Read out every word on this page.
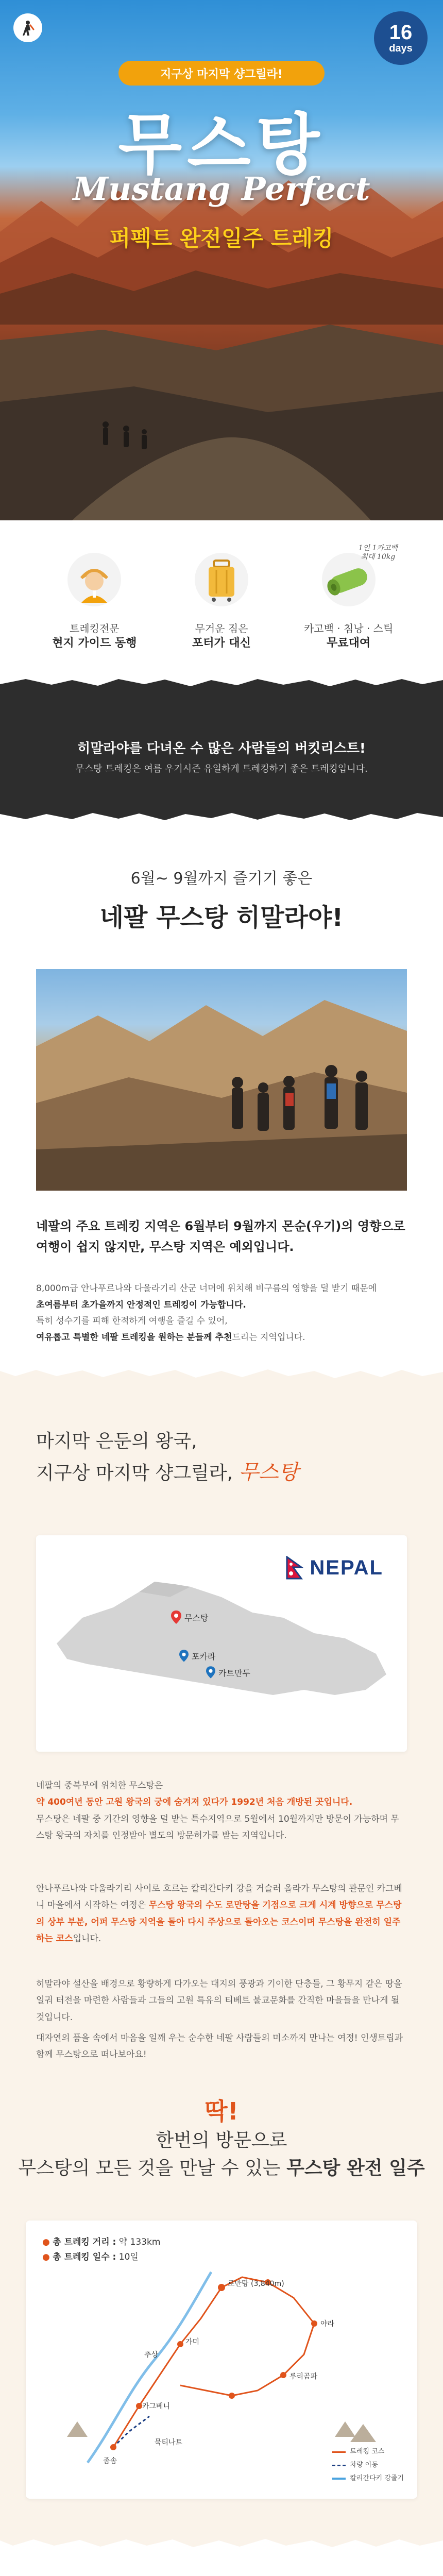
16
days
지구상 마지막 샹그릴라!
무스탕
Mustang Perfect
퍼펙트 완전일주 트레킹
트레킹전문
현지 가이드 동행
무거운 짐은
포터가 대신
카고백 · 침낭 · 스틱
무료대여
1인 1카고백
최대 10kg
히말라야를 다녀온 수 많은 사람들의 버킷리스트!
무스탕 트레킹은 여름 우기시즌 유일하게 트레킹하기 좋은 트레킹입니다.
6월~ 9월까지 즐기기 좋은
네팔 무스탕 히말라야!
네팔의 주요 트레킹 지역은 6월부터 9월까지 몬순(우기)의 영향으로 여행이 쉽지 않지만, 무스탕 지역은 예외입니다.
8,000m급 안나푸르나와 다울라기리 산군 너머에 위치해 비구름의 영향을 덜 받기 때문에
초여름부터 초가을까지 안정적인 트레킹이 가능합니다.
특히 성수기를 피해 한적하게 여행을 즐길 수 있어,
여유롭고 특별한 네팔 트레킹을 원하는 분들께 추천드리는 지역입니다.
마지막 은둔의 왕국,
지구상 마지막 샹그릴라, 무스탕
NEPAL
무스탕
포카라
카트만두
네팔의 중북부에 위치한 무스탕은
약 400여년 동안 고원 왕국의 궁에 숨겨져 있다가 1992년 처음 개방된 곳입니다.
무스탕은 네팔 중 기간의 영향을 덜 받는 특수지역으로 5월에서 10월까지만 방문이 가능하며 무스탕 왕국의 자치를 인정받아 별도의 방문허가를 받는 지역입니다.
안나푸르나와 다울라기리 사이로 흐르는 칼리간다키 강을 거슬러 올라가 무스탕의 관문인 카그베니 마을에서 시작하는 여정은 무스탕 왕국의 수도 로만탕을 기점으로 크게 시계 방향으로 무스탕의 상부 부분, 어퍼 무스탕 지역을 돌아 다시 주상으로 돌아오는 코스이며 무스탕을 완전히 일주하는 코스입니다.
히말라야 설산을 배경으로 황량하게 다가오는 대지의 풍광과 기이한 단층들, 그 황무지 같은 땅을 일궈 터전을 마련한 사람들과 그들의 고원 특유의 티베트 불교문화를 간직한 마을들을 만나게 될 것입니다.
대자연의 품을 속에서 마음을 일깨 우는 순수한 네팔 사람들의 미소까지 만나는 여정! 인생트립과 함께 무스탕으로 떠나보아요!
딱!
한번의 방문으로
무스탕의 모든 것을 만날 수 있는 무스탕 완전 일주
● 총 트레킹 거리 : 약 133km
● 총 트레킹 일수 : 10일
로만탕 (3,840m)
추상
카그베니
좀솜
묵티나트
가미
야라
루리곰파
트레킹 코스
차량 이동
칼리간다키 강줄기
